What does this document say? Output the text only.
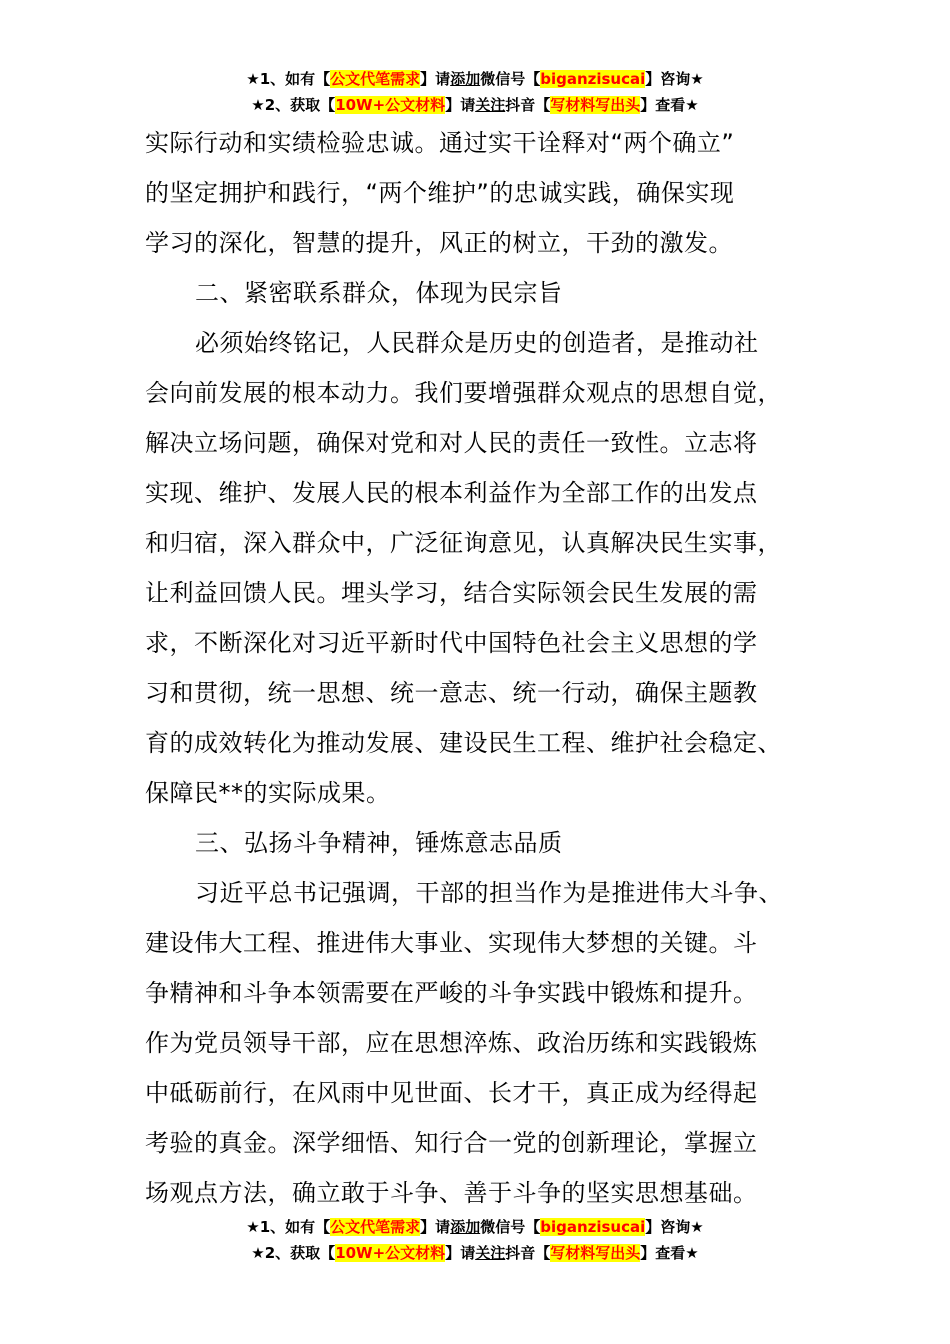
★1、如有【公文代笔需求】请添加微信号【biganzisucai】咨询★
★2、获取【10W+公文材料】请关注抖音【写材料写出头】查看★
实际行动和实绩检验忠诚。通过实干诠释对“两个确立”
的坚定拥护和践行，“两个维护”的忠诚实践，确保实现
学习的深化，智慧的提升，风正的树立，干劲的激发。
二、紧密联系群众，体现为民宗旨
必须始终铭记，人民群众是历史的创造者，是推动社
会向前发展的根本动力。我们要增强群众观点的思想自觉，
解决立场问题，确保对党和对人民的责任一致性。立志将
实现、维护、发展人民的根本利益作为全部工作的出发点
和归宿，深入群众中，广泛征询意见，认真解决民生实事，
让利益回馈人民。埋头学习，结合实际领会民生发展的需
求，不断深化对习近平新时代中国特色社会主义思想的学
习和贯彻，统一思想、统一意志、统一行动，确保主题教
育的成效转化为推动发展、建设民生工程、维护社会稳定、
保障民**的实际成果。
三、弘扬斗争精神，锤炼意志品质
习近平总书记强调，干部的担当作为是推进伟大斗争、
建设伟大工程、推进伟大事业、实现伟大梦想的关键。斗
争精神和斗争本领需要在严峻的斗争实践中锻炼和提升。
作为党员领导干部，应在思想淬炼、政治历练和实践锻炼
中砥砺前行，在风雨中见世面、长才干，真正成为经得起
考验的真金。深学细悟、知行合一党的创新理论，掌握立
场观点方法，确立敢于斗争、善于斗争的坚实思想基础。
★1、如有【公文代笔需求】请添加微信号【biganzisucai】咨询★
★2、获取【10W+公文材料】请关注抖音【写材料写出头】查看★
